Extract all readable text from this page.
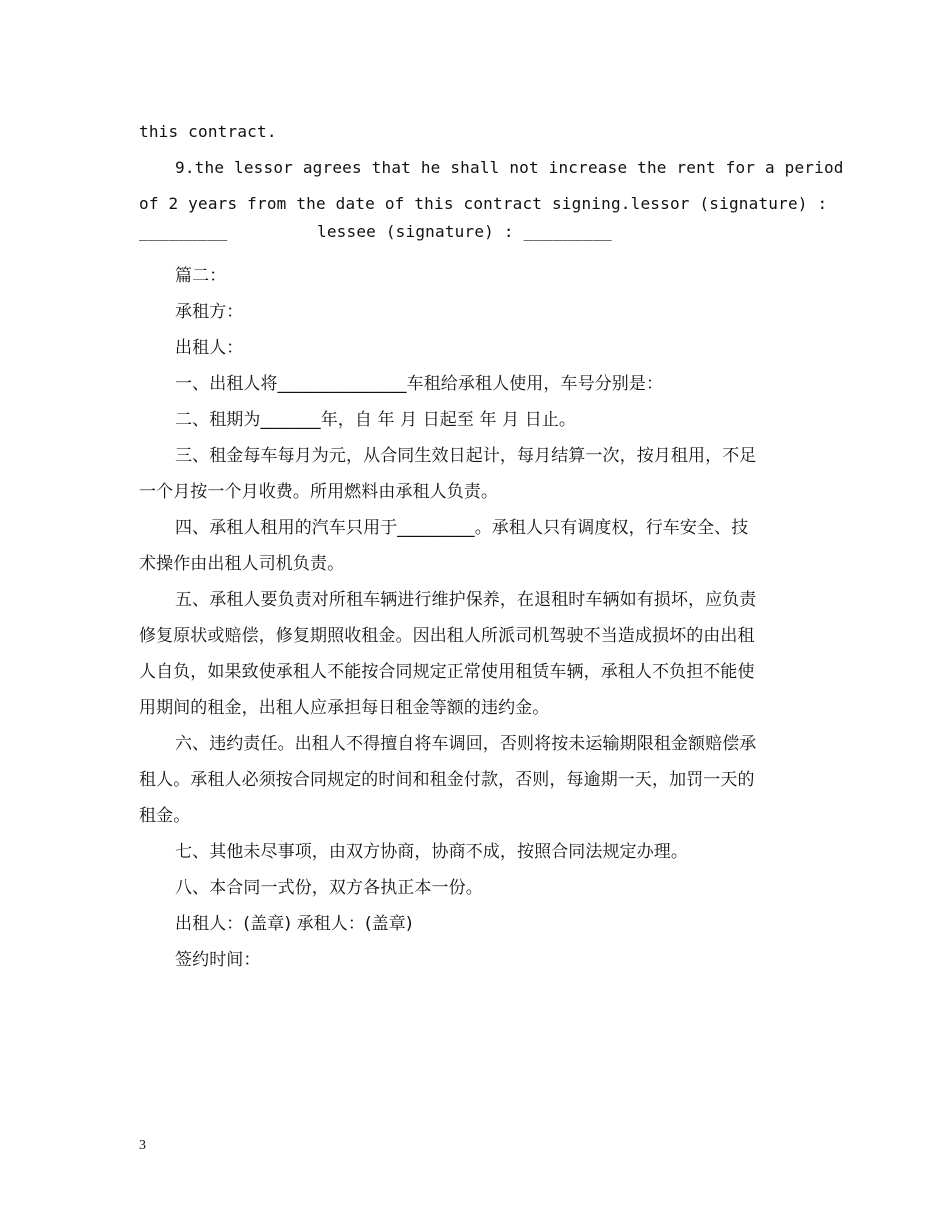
this contract.
9.the lessor agrees that he shall not increase the rent for a period
of 2 years from the date of this contract signing.lessor (signature) :
_________	lessee (signature) : _________
篇二：
承租方：
出租人：
一、出租人将_______________车租给承租人使用，车号分别是：
二、租期为_______年，自 年 月 日起至 年 月 日止。
三、租金每车每月为元，从合同生效日起计，每月结算一次，按月租用，不足
一个月按一个月收费。所用燃料由承租人负责。
四、承租人租用的汽车只用于_________。承租人只有调度权，行车安全、技
术操作由出租人司机负责。
五、承租人要负责对所租车辆进行维护保养，在退租时车辆如有损坏，应负责
修复原状或赔偿，修复期照收租金。因出租人所派司机驾驶不当造成损坏的由出租
人自负，如果致使承租人不能按合同规定正常使用租赁车辆，承租人不负担不能使
用期间的租金，出租人应承担每日租金等额的违约金。
六、违约责任。出租人不得擅自将车调回，否则将按未运输期限租金额赔偿承
租人。承租人必须按合同规定的时间和租金付款，否则，每逾期一天，加罚一天的
租金。
七、其他未尽事项，由双方协商，协商不成，按照合同法规定办理。
八、本合同一式份，双方各执正本一份。
出租人：(盖章) 承租人：(盖章)
签约时间：
3
